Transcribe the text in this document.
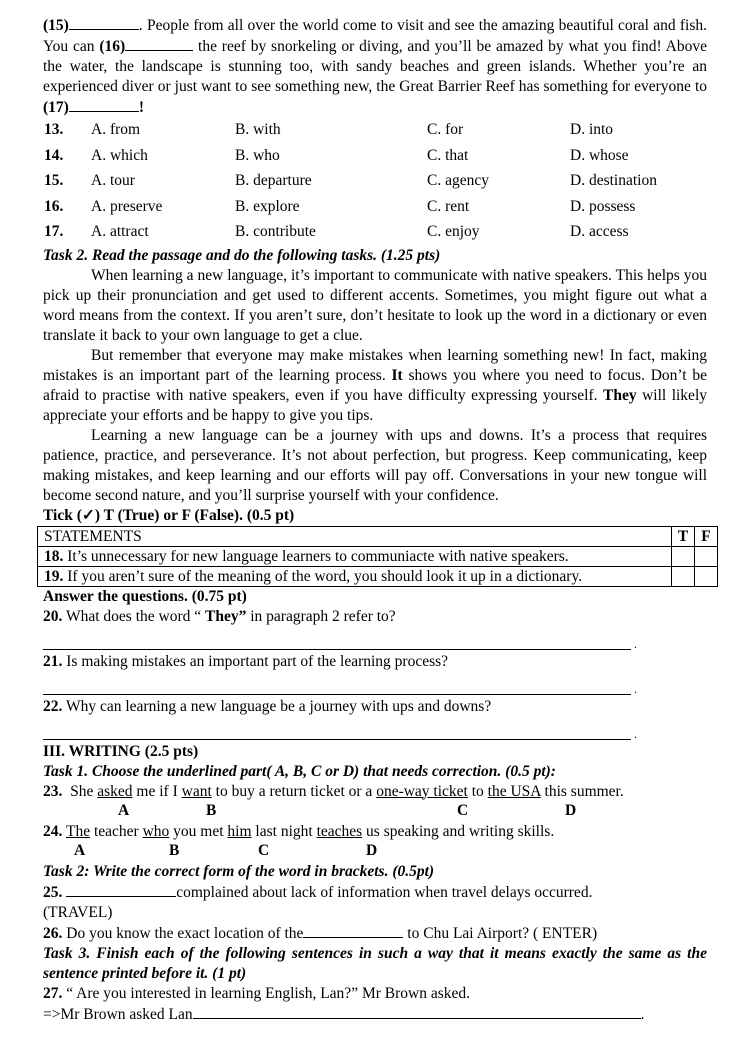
(15)	. People from all over the world come to visit and see the amazing beautiful coral and fish. You can (16)	the reef by snorkeling or diving, and you’ll be amazed by what you find! Above the water, the landscape is stunning too, with sandy beaches and green islands. Whether you’re an experienced diver or just want to see something new, the Great Barrier Reef has something for everyone to (17)	!

13. A. from	B. with	C. for	D. into
14. A. which	B. who	C. that	D. whose
15. A. tour	B. departure	C. agency	D. destination
16. A. preserve	B. explore	C. rent	D. possess
17. A. attract	B. contribute	C. enjoy	D. access

Task 2. Read the passage and do the following tasks. (1.25 pts)

When learning a new language, it’s important to communicate with native speakers. This helps you pick up their pronunciation and get used to different accents. Sometimes, you might figure out what a word means from the context. If you aren’t sure, don’t hesitate to look up the word in a dictionary or even translate it back to your own language to get a clue.

But remember that everyone may make mistakes when learning something new! In fact, making mistakes is an important part of the learning process. It shows you where you need to focus. Don’t be afraid to practise with native speakers, even if you have difficulty expressing yourself. They will likely appreciate your efforts and be happy to give you tips.

Learning a new language can be a journey with ups and downs. It’s a process that requires patience, practice, and perseverance. It’s not about perfection, but progress. Keep communicating, keep making mistakes, and keep learning and our efforts will pay off. Conversations in your new tongue will become second nature, and you’ll surprise yourself with your confidence.

Tick (✓) T (True) or F (False). (0.5 pt)

STATEMENTS	T	F
18. It’s unnecessary for new language learners to communiacte with native speakers.		
19. If you aren’t sure of the meaning of the word, you should look it up in a dictionary.		

Answer the questions. (0.75 pt)

20. What does the word “ They” in paragraph 2 refer to?

.

21. Is making mistakes an important part of the learning process?

.

22. Why can learning a new language be a journey with ups and downs?

.

III. WRITING (2.5 pts)

Task 1. Choose the underlined part( A, B, C or D) that needs correction. (0.5 pt):

23.  She asked me if I want to buy a return ticket or a one-way ticket to the USA this summer.

A	B	C	D

24. The teacher who you met him last night teaches us speaking and writing skills.

A	B	C	D

Task 2: Write the correct form of the word in brackets. (0.5pt)

25.	complained about lack of information when travel delays occurred.

(TRAVEL)

26. Do you know the exact location of the	to Chu Lai Airport? ( ENTER)

Task 3. Finish each of the following sentences in such a way that it means exactly the same as the sentence printed before it. (1 pt)

27. “ Are you interested in learning English, Lan?” Mr Brown asked.

=>Mr Brown asked Lan	.
